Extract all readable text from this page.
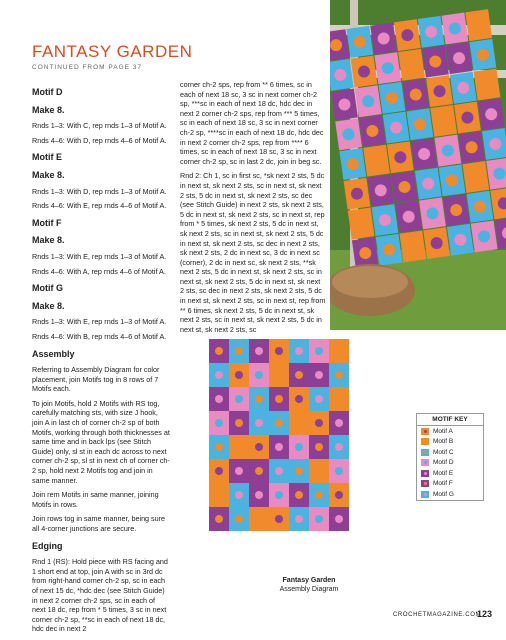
FANTASY GARDEN
CONTINUED FROM PAGE 37
Motif D
Make 8.
Rnds 1–3: With C, rep rnds 1–3 of Motif A.
Rnds 4–6: With D, rep rnds 4–6 of Motif A.
Motif E
Make 8.
Rnds 1–3: With D, rep rnds 1–3 of Motif A.
Rnds 4–6: With E, rep rnds 4–6 of Motif A.
Motif F
Make 8.
Rnds 1–3: With E, rep rnds 1–3 of Motif A.
Rnds 4–6: With A, rep rnds 4–6 of Motif A.
Motif G
Make 8.
Rnds 1–3: With E, rep rnds 1–3 of Motif A.
Rnds 4–6: With B, rep rnds 4–6 of Motif A.
Assembly
Referring to Assembly Diagram for color placement, join Motifs tog in 8 rows of 7 Motifs each.
To join Motifs, hold 2 Motifs with RS tog, carefully matching sts, with size J hook, join A in last ch of corner ch-2 sp of both Motifs, working through both thicknesses at same time and in back lps (see Stitch Guide) only, sl st in each dc across to next corner ch-2 sp, sl st in next ch of corner ch-2 sp, hold next 2 Motifs tog and join in same manner.
Join rem Motifs in same manner, joining Motifs in rows.
Join rows tog in same manner, being sure all 4-corner junctions are secure.
Edging
Rnd 1 (RS): Hold piece with RS facing and 1 short end at top, join A with sc in 3rd dc from right-hand corner ch-2 sp, sc in each of next 15 dc, *hdc dec (see Stitch Guide) in next 2 corner ch-2 sps, sc in each of next 18 dc, rep from * 5 times, 3 sc in next corner ch-2 sp, **sc in each of next 18 dc, hdc dec in next 2
corner ch-2 sps, rep from ** 6 times, sc in each of next 18 sc, 3 sc in next corner ch-2 sp, ***sc in each of next 18 dc, hdc dec in next 2 corner ch-2 sps, rep from *** 5 times, sc in each of next 18 sc, 3 sc in next corner ch-2 sp, ****sc in each of next 18 dc, hdc dec in next 2 corner ch-2 sps, rep from **** 6 times, sc in each of next 18 sc, 3 sc in next corner ch-2 sp, sc in last 2 dc, join in beg sc.
Rnd 2: Ch 1, sc in first sc, *sk next 2 sts, 5 dc in next st, sk next 2 sts, sc in next st, sk next 2 sts, 5 dc in next st, sk next 2 sts, sc dec (see Stitch Guide) in next 2 sts, sk next 2 sts, 5 dc in next st, sk next 2 sts, sc in next st, rep from * 5 times, sk next 2 sts, 5 dc in next st, sk next 2 sts, sc in next st, sk next 2 sts, 5 dc in next st, sk next 2 sts, sc dec in next 2 sts, sk next 2 sts, 2 dc in next sc, 3 dc in next sc (corner), 2 dc in next sc, sk next 2 sts, **sk next 2 sts, 5 dc in next st, sk next 2 sts, sc in next st, sk next 2 sts, 5 dc in next st, sk next 2 sts, sc dec in next 2 sts, sk next 2 sts, 5 dc in next st, sk next 2 sts, sc in next st, rep from ** 6 times, sk next 2 sts, 5 dc in next st, sk next 2 sts, sc in next st, sk next 2 sts, 5 dc in next st, sk next 2 sts, sc
Fantasy Garden
Assembly Diagram
MOTIF KEY
Motif A
Motif B
Motif C
Motif D
Motif E
Motif F
Motif G
CROCHETMAGAZINE.COM
123
